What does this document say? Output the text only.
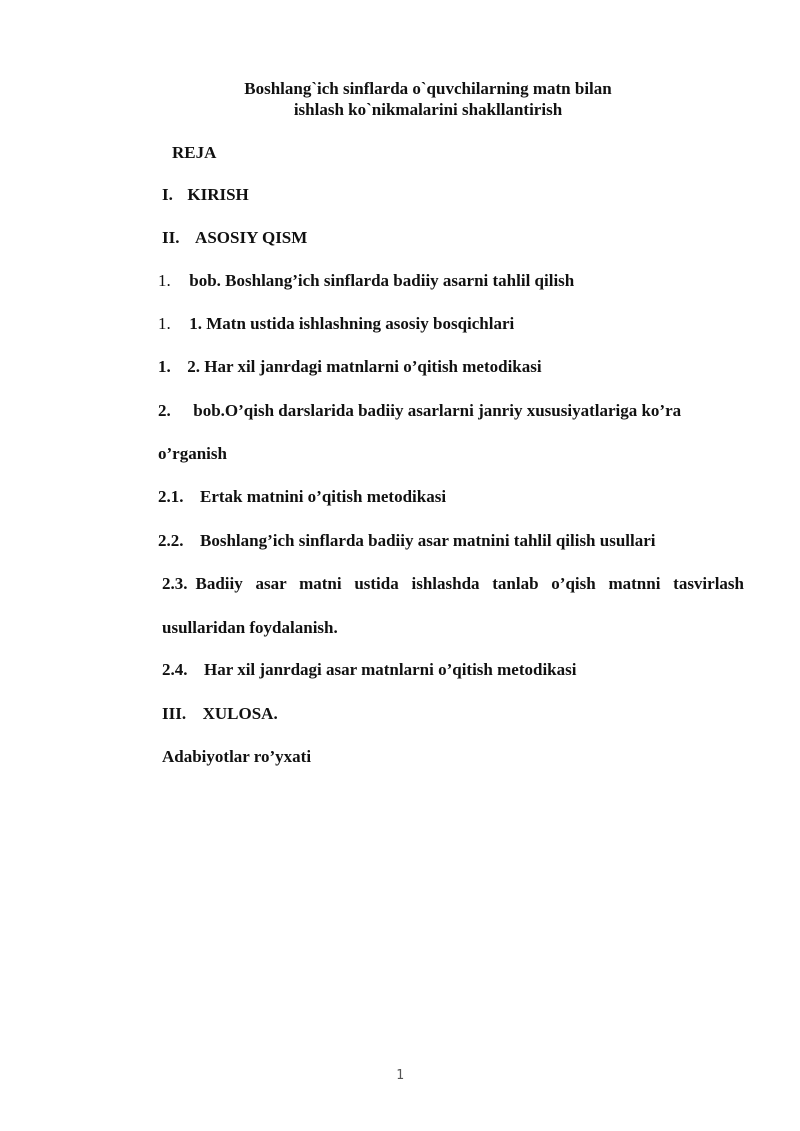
Boshlang`ich sinflarda o`quvchilarning matn bilan
ishlash ko`nikmalarini shakllantirish
REJA
I. KIRISH
II. ASOSIY QISM
1. bob. Boshlang’ich sinflarda badiiy asarni tahlil qilish
1. 1. Matn ustida ishlashning asosiy bosqichlari
1. 2. Har xil janrdagi matnlarni o’qitish metodikasi
2. bob.O’qish darslarida badiiy asarlarni janriy xususiyatlariga ko’ra
o’rganish
2.1. Ertak matnini o’qitish metodikasi
2.2. Boshlang’ich sinflarda badiiy asar matnini tahlil qilish usullari
2.3. Badiiy asar matni ustida ishlashda tanlab o’qish matnni tasvirlash
usullaridan foydalanish.
2.4. Har xil janrdagi asar matnlarni o’qitish metodikasi
III. XULOSA.
Adabiyotlar ro’yxati
1
